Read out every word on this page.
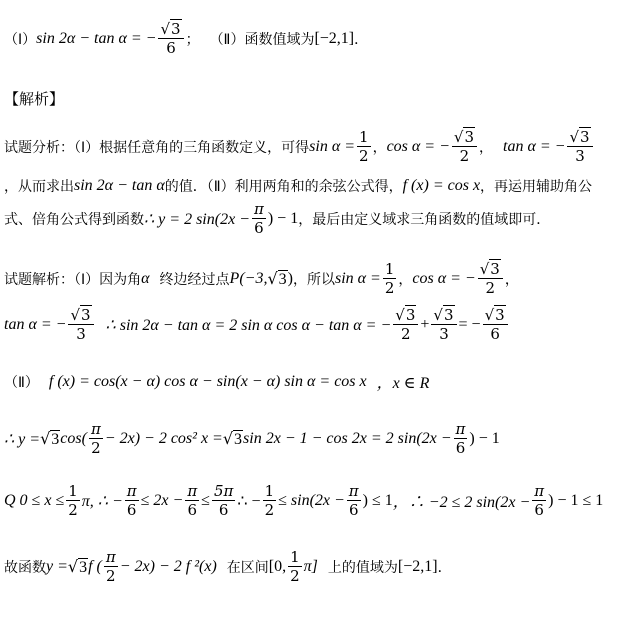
（Ⅰ） sin 2α − tan α = − $\frac{√3}{6}$ ； （Ⅱ）函数值域为 [−2,1] ．
【解析】
试题分析：（Ⅰ）根据任意角的三角函数定义，可得 $\sin \alpha = \frac{1}{2}$ ， cos α = − $\frac{√3}{2}$ ， tan α = − $\frac{√3}{3}$
，从而求出 sin 2α − tan α 的值．（Ⅱ）利用两角和的余弦公式得， f (x) = cos x ，再运用辅助角公
式、倍角公式得到函数 ∴ y = 2 $\sin(2x - \frac{\pi}{6}$ ) − 1 ，最后由定义域求三角函数的值域即可．
试题解析：（Ⅰ）因为角 α 终边经过点 P(−3, √3 ) ，所以 $\sin \alpha = \frac{1}{2}$ ， cos α = − $\frac{√3}{2}$ ，
tan α = − $\frac{√3}{3}$ ∴ sin 2α − tan α = 2 sin α cos α − tan α = − $\frac{√3}{2} + \frac{√3}{3}$ = − $\frac{√3}{6}$
（Ⅱ） f (x) = cos(x − α) cos α − sin(x − α) sin α = cos x ，x ∈ R
∴ y = √3 cos( π
2
− 2x) − 2 cos² x = √3 sin 2x − 1 − cos 2x = 2 $\sin(2x - \frac{\pi}{6}$ ) − 1
Q $0 \le x \le \frac{1}{2} \pi$, ∴ − $\frac{\pi}{6} \le 2x - \frac{\pi}{6} \le \frac{5\pi}{6}$ ∴ − $\frac{1}{2} \le \sin(2x - \frac{\pi}{6}$ ) ≤ 1 ，∴ −2 ≤ 2 $\sin(2x - \frac{\pi}{6}$ ) − 1 ≤ 1
故函数 y = √3 f ( π
2
− 2x) − 2 f ²(x) 在区间 [0, 1
2
π] 上的值域为 [−2,1] ．
